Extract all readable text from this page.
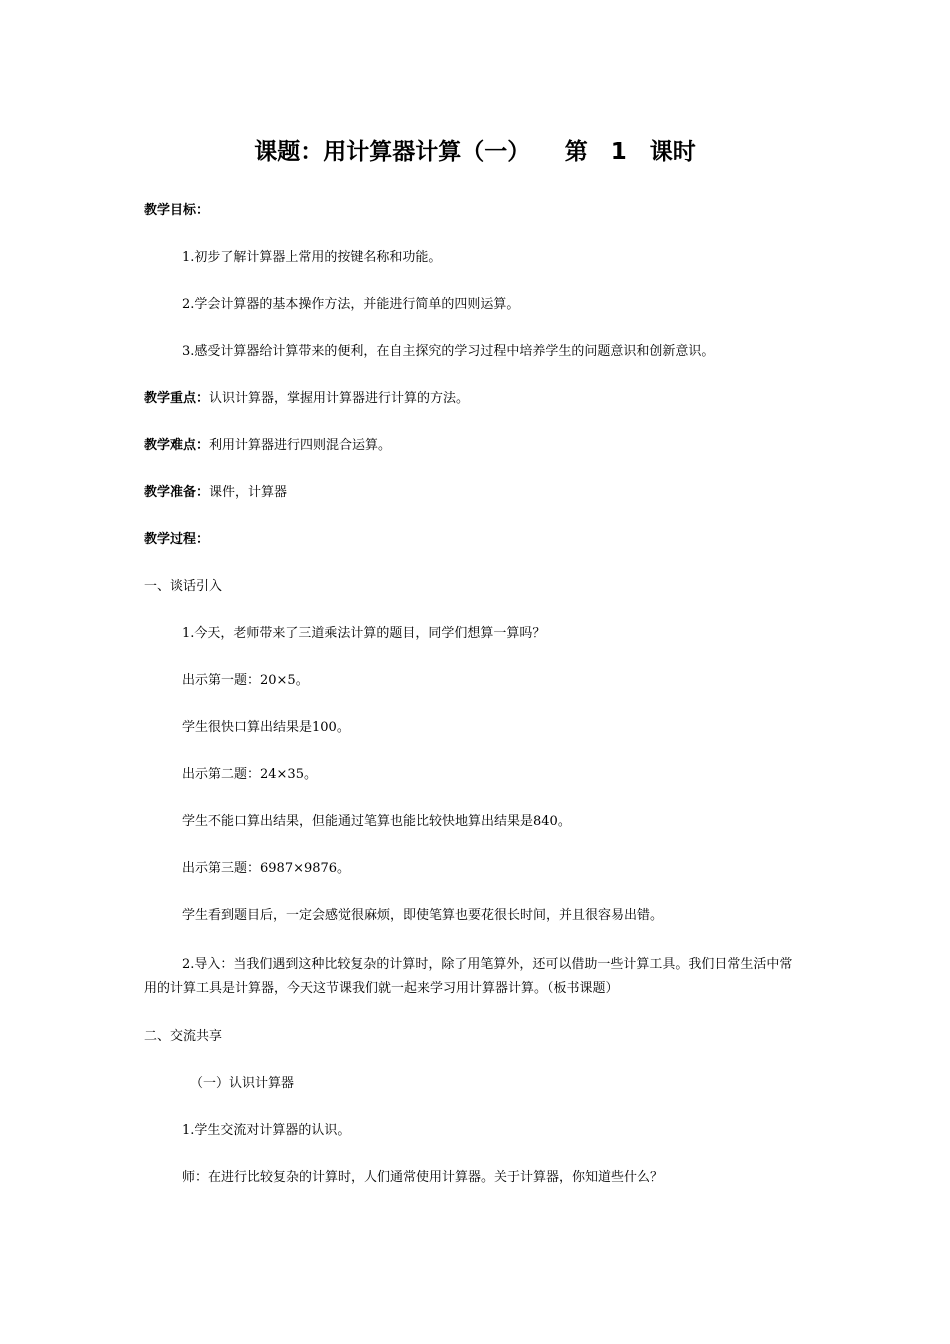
课题：用计算器计算（一）　　第　1　课时
教学目标：
1.初步了解计算器上常用的按键名称和功能。
2.学会计算器的基本操作方法，并能进行简单的四则运算。
3.感受计算器给计算带来的便利，在自主探究的学习过程中培养学生的问题意识和创新意识。
教学重点：认识计算器，掌握用计算器进行计算的方法。
教学难点：利用计算器进行四则混合运算。
教学准备：课件，计算器
教学过程：
一、谈话引入
1.今天，老师带来了三道乘法计算的题目，同学们想算一算吗？
出示第一题：20×5。
学生很快口算出结果是100。
出示第二题：24×35。
学生不能口算出结果，但能通过笔算也能比较快地算出结果是840。
出示第三题：6987×9876。
学生看到题目后，一定会感觉很麻烦，即使笔算也要花很长时间，并且很容易出错。
2.导入：当我们遇到这种比较复杂的计算时，除了用笔算外，还可以借助一些计算工具。我们日常生活中常用的计算工具是计算器，今天这节课我们就一起来学习用计算器计算。（板书课题）
二、交流共享
（一）认识计算器
1.学生交流对计算器的认识。
师：在进行比较复杂的计算时，人们通常使用计算器。关于计算器，你知道些什么？
